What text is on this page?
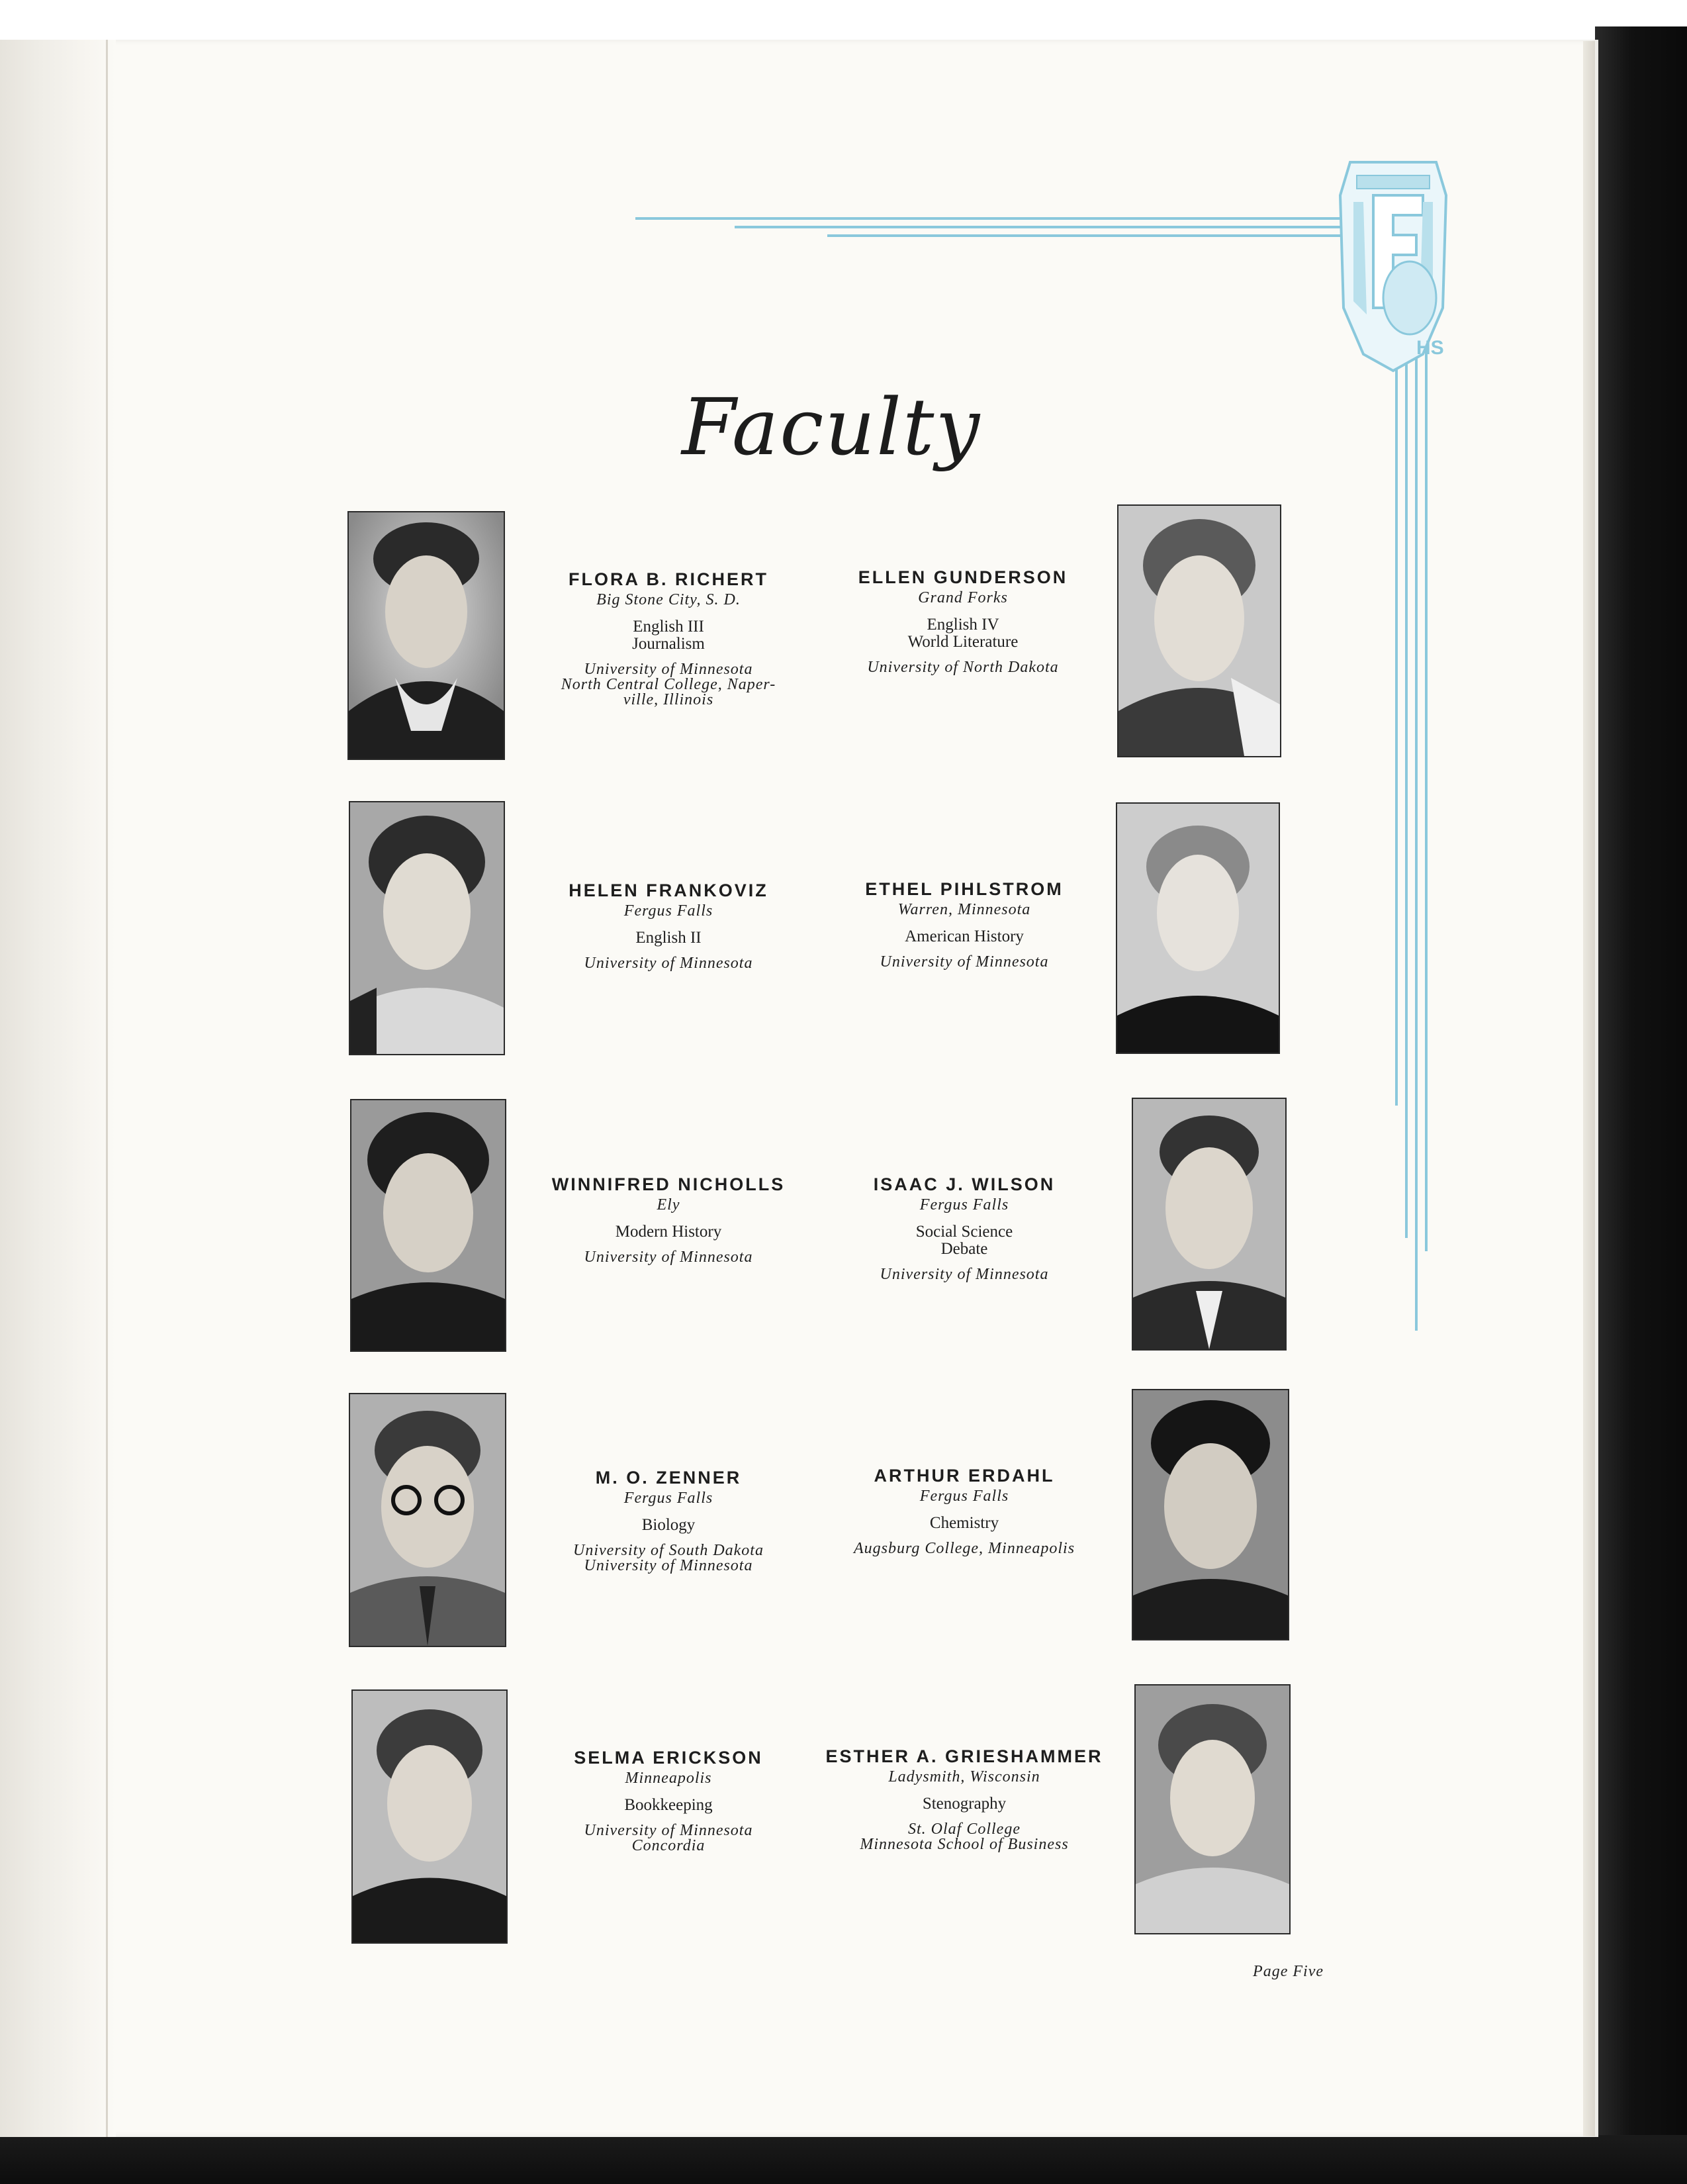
HS
Faculty
FLORA B. RICHERT
Big Stone City, S. D.
English III
Journalism
University of Minnesota
North Central College, Naper-
ville, Illinois
ELLEN GUNDERSON
Grand Forks
English IV
World Literature
University of North Dakota
HELEN FRANKOVIZ
Fergus Falls
English II
University of Minnesota
ETHEL PIHLSTROM
Warren, Minnesota
American History
University of Minnesota
WINNIFRED NICHOLLS
Ely
Modern History
University of Minnesota
ISAAC J. WILSON
Fergus Falls
Social Science
Debate
University of Minnesota
M. O. ZENNER
Fergus Falls
Biology
University of South Dakota
University of Minnesota
ARTHUR ERDAHL
Fergus Falls
Chemistry
Augsburg College, Minneapolis
SELMA ERICKSON
Minneapolis
Bookkeeping
University of Minnesota
Concordia
ESTHER A. GRIESHAMMER
Ladysmith, Wisconsin
Stenography
St. Olaf College
Minnesota School of Business
Page Five
